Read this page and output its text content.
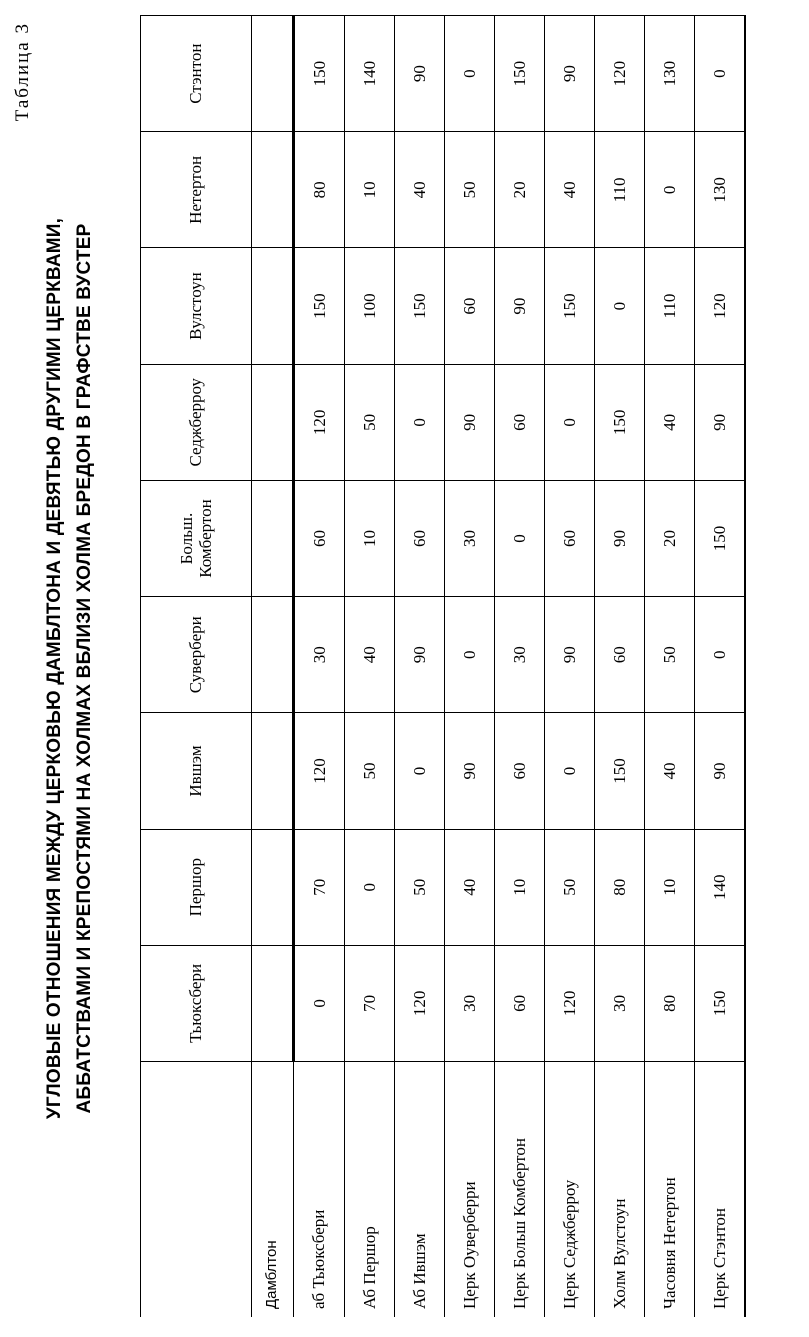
Таблица 3
УГЛОВЫЕ ОТНОШЕНИЯ МЕЖДУ ЦЕРКОВЬЮ ДАМБЛТОНА И ДЕВЯТЬЮ ДРУГИМИ ЦЕРКВАМИ, АББАТСТВАМИ И КРЕПОСТЯМИ НА ХОЛМАХ ВБЛИЗИ ХОЛМА БРЕДОН В ГРАФСТВЕ ВУСТЕР
		Тьюксбери	Першор	Ившэм	Сувербери	Больш. Комбертон	Седжберроу	Вулстоун	Нетертон	Стэнтон
Дамблтон									
аб Тьюксбери	0	70	120	30	60	120	150	80	150
Аб Першор	70	0	50	40	10	50	100	10	140
Аб Ившэм	120	50	0	90	60	0	150	40	90
Церк Оуверберри	30	40	90	0	30	90	60	50	0
Церк Больш Комбертон	60	10	60	30	0	60	90	20	150
Церк Седжберроу	120	50	0	90	60	0	150	40	90
Холм Вулстоун	30	80	150	60	90	150	0	110	120
Часовня Нетертон	80	10	40	50	20	40	110	0	130
Церк Стэнтон	150	140	90	0	150	90	120	130	0
